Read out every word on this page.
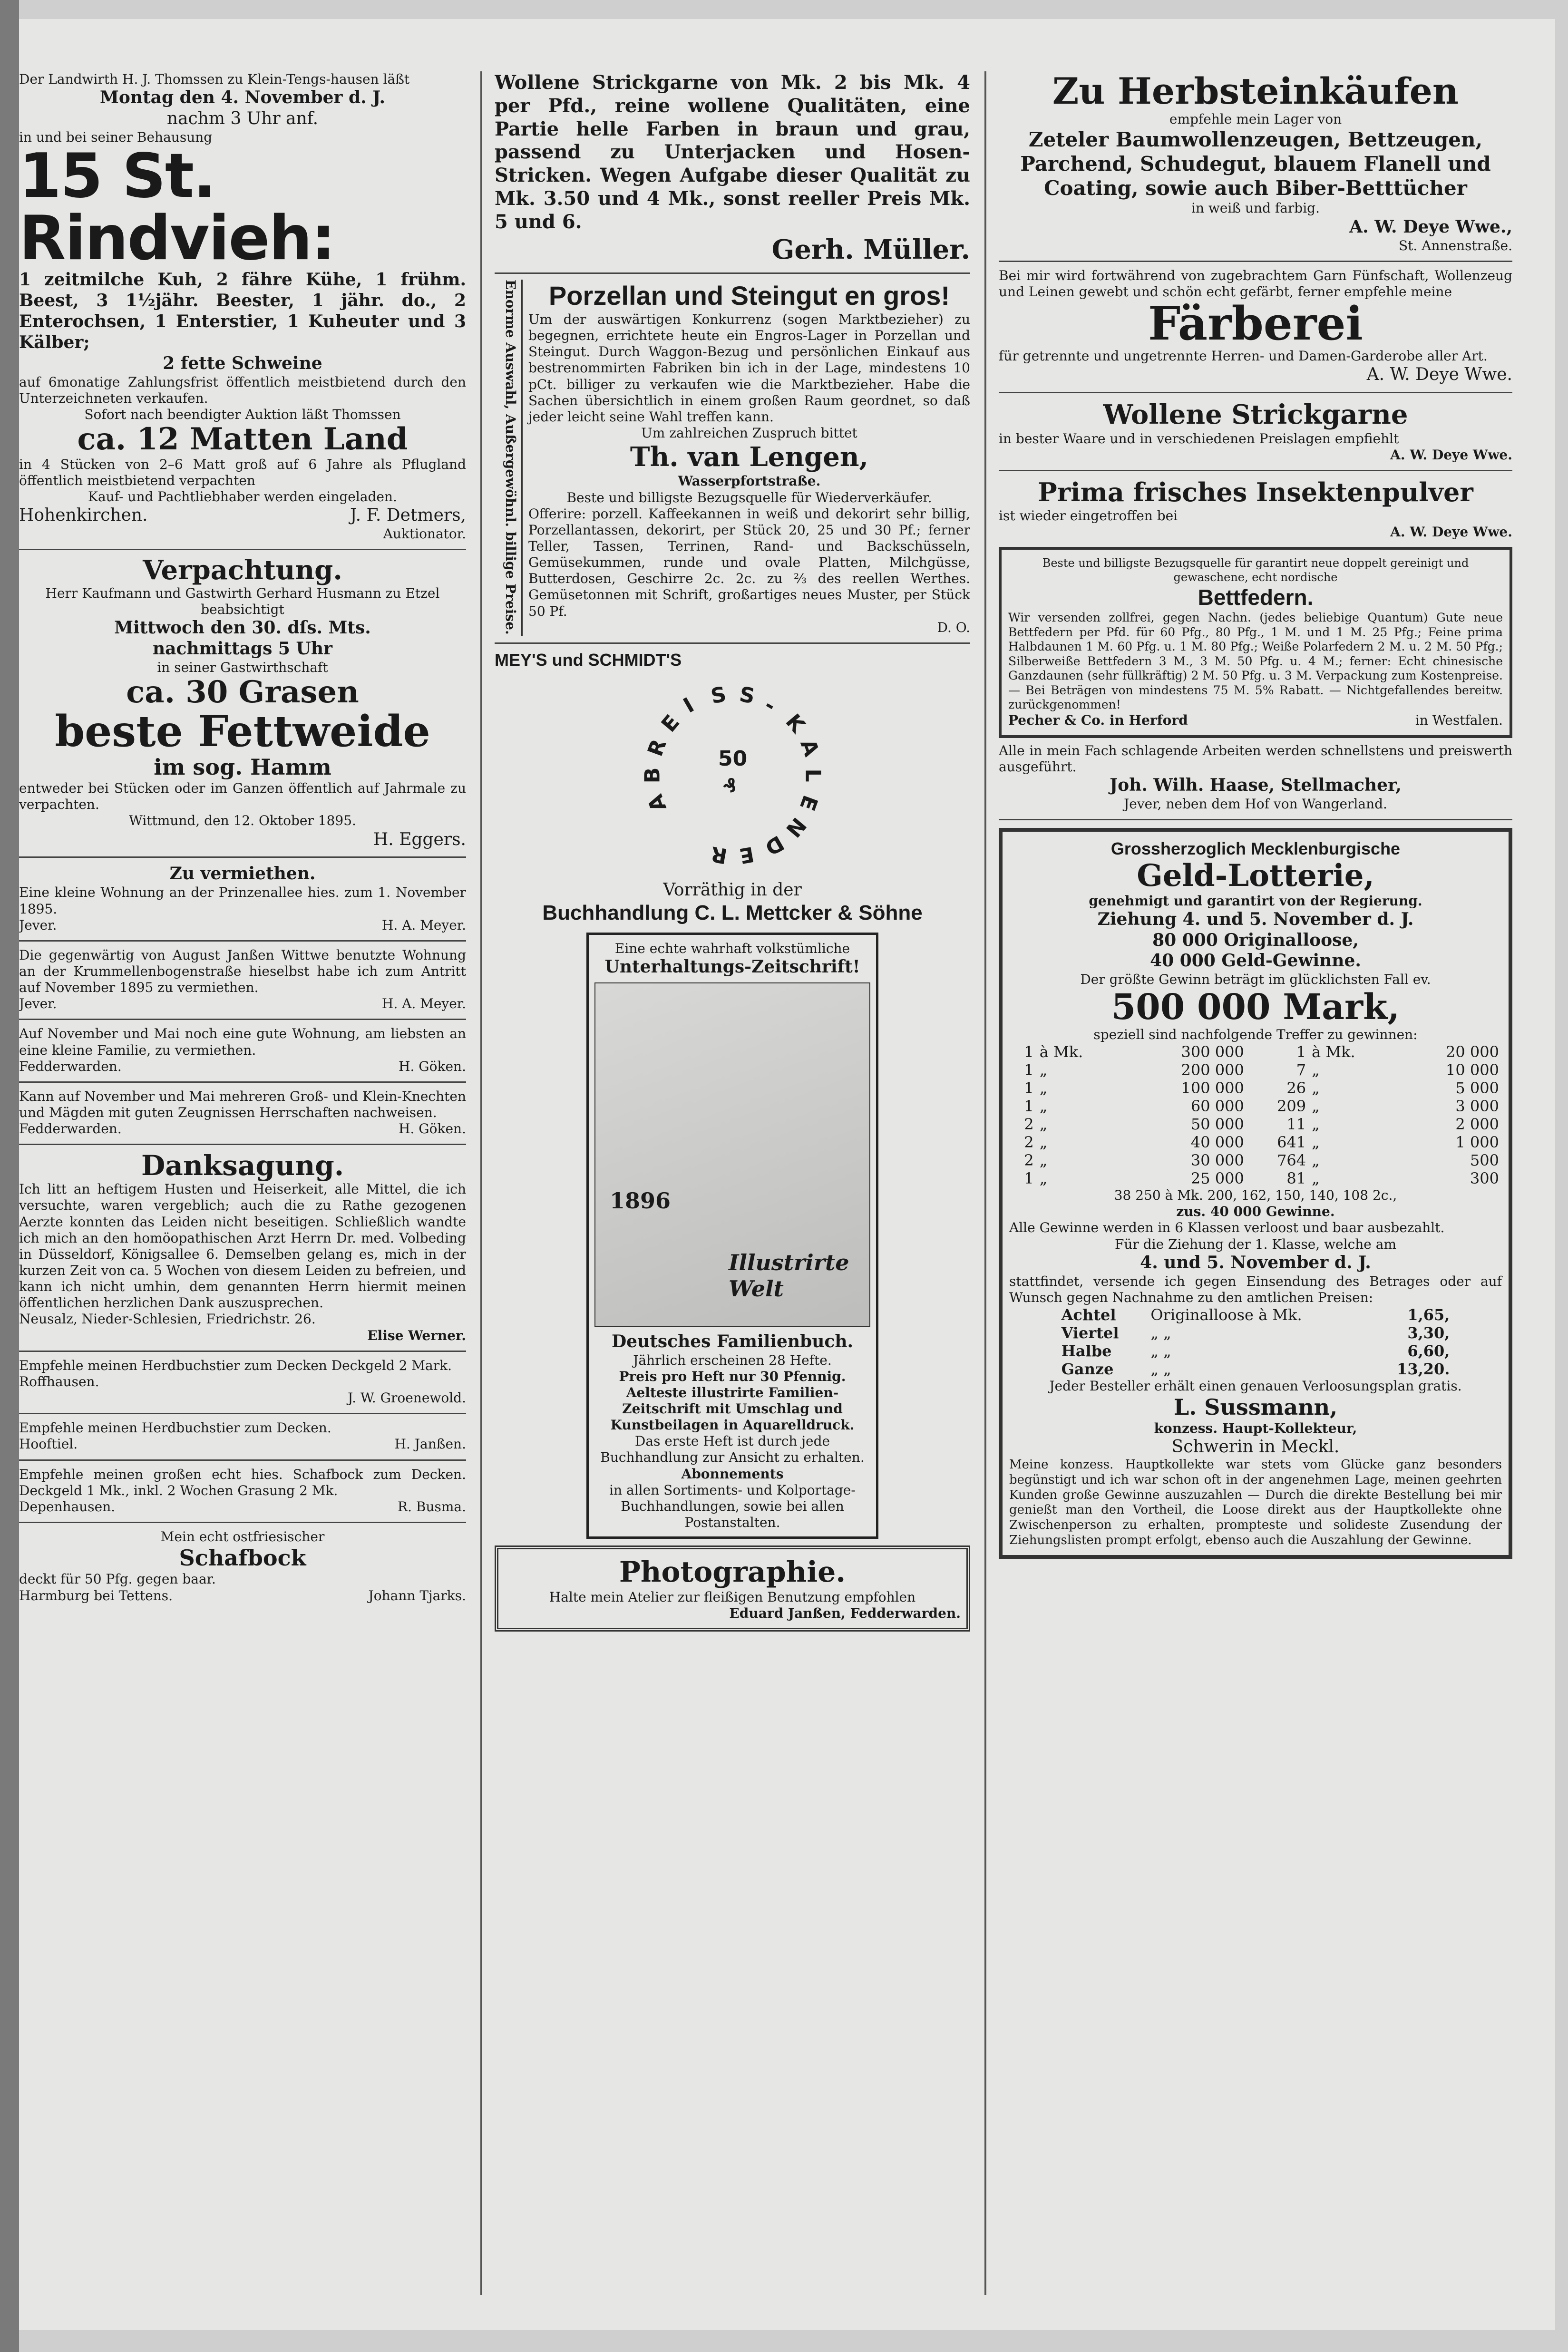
Der Landwirth H. J. Thomssen zu Klein-Tengs-hausen läßt
Montag den 4. November d. J.
nachm 3 Uhr anf.
in und bei seiner Behausung
15 St. Rindvieh:
1 zeitmilche Kuh, 2 fähre Kühe, 1 frühm. Beest, 3 1½jähr. Beester, 1 jähr. do., 2 Enterochsen, 1 Enterstier, 1 Kuheuter und 3 Kälber;
2 fette Schweine
auf 6monatige Zahlungsfrist öffentlich meistbietend durch den Unterzeichneten verkaufen.
Sofort nach beendigter Auktion läßt Thomssen
ca. 12 Matten Land
in 4 Stücken von 2–6 Matt groß auf 6 Jahre als Pflugland öffentlich meistbietend verpachten
Kauf- und Pachtliebhaber werden eingeladen.
Hohenkirchen.	J. F. Detmers,
Auktionator.
Verpachtung.
Herr Kaufmann und Gastwirth Gerhard Husmann zu Etzel beabsichtigt
Mittwoch den 30. dſs. Mts.
nachmittags 5 Uhr
in seiner Gastwirthschaft
ca. 30 Grasen
beste Fettweide
im sog. Hamm
entweder bei Stücken oder im Ganzen öffentlich auf Jahrmale zu verpachten.
Wittmund, den 12. Oktober 1895.
H. Eggers.
Zu vermiethen.
Eine kleine Wohnung an der Prinzenallee hies. zum 1. November 1895.
Jever.	H. A. Meyer.
Die gegenwärtig von August Janßen Wittwe benutzte Wohnung an der Krummellenbogenstraße hieselbst habe ich zum Antritt auf November 1895 zu vermiethen.
Jever.	H. A. Meyer.
Auf November und Mai noch eine gute Wohnung, am liebsten an eine kleine Familie, zu vermiethen.
Fedderwarden.	H. Göken.
Kann auf November und Mai mehreren Groß- und Klein-Knechten und Mägden mit guten Zeugnissen Herrschaften nachweisen.
Fedderwarden.	H. Göken.
Danksagung.
Ich litt an heftigem Husten und Heiserkeit, alle Mittel, die ich versuchte, waren vergeblich; auch die zu Rathe gezogenen Aerzte konnten das Leiden nicht beseitigen. Schließlich wandte ich mich an den homöopathischen Arzt Herrn Dr. med. Volbeding in Düsseldorf, Königsallee 6. Demselben gelang es, mich in der kurzen Zeit von ca. 5 Wochen von diesem Leiden zu befreien, und kann ich nicht umhin, dem genannten Herrn hiermit meinen öffentlichen herzlichen Dank auszusprechen.
Neusalz, Nieder-Schlesien, Friedrichstr. 26.
Elise Werner.
Empfehle meinen Herdbuchstier zum Decken Deckgeld 2 Mark.
Roffhausen.
J. W. Groenewold.
Empfehle meinen Herdbuchstier zum Decken.
Hooftiel.	H. Janßen.
Empfehle meinen großen echt hies. Schafbock zum Decken. Deckgeld 1 Mk., inkl. 2 Wochen Grasung 2 Mk.
Depenhausen.	R. Busma.
Mein echt ostfriesischer
Schafbock
deckt für 50 Pfg. gegen baar.
Harmburg bei Tettens.	Johann Tjarks.
Wollene Strickgarne von Mk. 2 bis Mk. 4 per Pfd., reine wollene Qualitäten, eine Partie helle Farben in braun und grau, passend zu Unterjacken und Hosen-Stricken. Wegen Aufgabe dieser Qualität zu Mk. 3.50 und 4 Mk., sonst reeller Preis Mk. 5 und 6.
Gerh. Müller.
Enorme Auswahl, Außergewöhnl. billige Preise.	Porzellan und Steingut en gros!
Um der auswärtigen Konkurrenz (sogen Marktbezieher) zu begegnen, errichtete heute ein Engros-Lager in Porzellan und Steingut. Durch Waggon-Bezug und persönlichen Einkauf aus bestrenommirten Fabriken bin ich in der Lage, mindestens 10 pCt. billiger zu verkaufen wie die Marktbezieher. Habe die Sachen übersichtlich in einem großen Raum geordnet, so daß jeder leicht seine Wahl treffen kann.
Um zahlreichen Zuspruch bittet
Th. van Lengen,
Wasserpfortstraße.
Beste und billigste Bezugsquelle für Wiederverkäufer.
Offerire: porzell. Kaffeekannen in weiß und dekorirt sehr billig, Porzellantassen, dekorirt, per Stück 20, 25 und 30 Pf.; ferner Teller, Tassen, Terrinen, Rand- und Backschüsseln, Gemüsekummen, runde und ovale Platten, Milchgüsse, Butterdosen, Geschirre 2c. 2c. zu ⅔ des reellen Werthes. Gemüsetonnen mit Schrift, großartiges neues Muster, per Stück 50 Pf.
D. O.
MEY'S und SCHMIDT'S
50
₰
A
B
R
E
I S S -
K
A
L
E
N
D
E
R
Vorräthig in der
Buchhandlung C. L. Mettcker & Söhne
Eine echte wahrhaft volkstümliche
Unterhaltungs-Zeitschrift!
1896
Illustrirte Welt
Deutsches Familienbuch.
Jährlich erscheinen 28 Hefte.
Preis pro Heft nur 30 Pfennig.
Aelteste illustrirte Familien-Zeitschrift mit Umschlag und Kunstbeilagen in Aquarelldruck.
Das erste Heft ist durch jede Buchhandlung zur Ansicht zu erhalten.
Abonnements
in allen Sortiments- und Kolportage-Buchhandlungen, sowie bei allen Postanstalten.
Photographie.
Halte mein Atelier zur fleißigen Benutzung empfohlen
Eduard Janßen, Fedderwarden.
Zu Herbsteinkäufen
empfehle mein Lager von
Zeteler Baumwollenzeugen, Bettzeugen, Parchend, Schudegut, blauem Flanell und Coating, sowie auch Biber-Betttücher
in weiß und farbig.
A. W. Deye Wwe.,
St. Annenstraße.
Bei mir wird fortwährend von zugebrachtem Garn Fünfschaft, Wollenzeug und Leinen gewebt und schön echt gefärbt, ferner empfehle meine
Färberei
für getrennte und ungetrennte Herren- und Damen-Garderobe aller Art.
A. W. Deye Wwe.
Wollene Strickgarne
in bester Waare und in verschiedenen Preislagen empfiehlt
A. W. Deye Wwe.
Prima frisches Insektenpulver
ist wieder eingetroffen bei
A. W. Deye Wwe.
Beste und billigste Bezugsquelle für garantirt neue doppelt gereinigt und gewaschene, echt nordische
Bettfedern.
Wir versenden zollfrei, gegen Nachn. (jedes beliebige Quantum) Gute neue Bettfedern per Pfd. für 60 Pfg., 80 Pfg., 1 M. und 1 M. 25 Pfg.; Feine prima Halbdaunen 1 M. 60 Pfg. u. 1 M. 80 Pfg.; Weiße Polarfedern 2 M. u. 2 M. 50 Pfg.; Silberweiße Bettfedern 3 M., 3 M. 50 Pfg. u. 4 M.; ferner: Echt chinesische Ganzdaunen (sehr füllkräftig) 2 M. 50 Pfg. u. 3 M. Verpackung zum Kostenpreise. — Bei Beträgen von mindestens 75 M. 5% Rabatt. — Nichtgefallendes bereitw. zurückgenommen!
Pecher & Co. in Herford	in Westfalen.
Alle in mein Fach schlagende Arbeiten werden schnellstens und preiswerth ausgeführt.
Joh. Wilh. Haase, Stellmacher,
Jever, neben dem Hof von Wangerland.
Grossherzoglich Mecklenburgische
Geld-Lotterie,
genehmigt und garantirt von der Regierung.
Ziehung 4. und 5. November d. J.
80 000 Originalloose,
40 000 Geld-Gewinne.
Der größte Gewinn beträgt im glücklichsten Fall ev.
500 000 Mark,
speziell sind nachfolgende Treffer zu gewinnen:
1	à Mk.	300 000	1	à Mk.	20 000
1	„	200 000	7	„	10 000
1	„	100 000	26	„	5 000
1	„	60 000	209	„	3 000
2	„	50 000	11	„	2 000
2	„	40 000	641	„	1 000
2	„	30 000	764	„	500
1	„	25 000	81	„	300
38 250 à Mk. 200, 162, 150, 140, 108 2c.,
zus. 40 000 Gewinne.
Alle Gewinne werden in 6 Klassen verloost und baar ausbezahlt.
Für die Ziehung der 1. Klasse, welche am
4. und 5. November d. J.
stattfindet, versende ich gegen Einsendung des Betrages oder auf Wunsch gegen Nachnahme zu den amtlichen Preisen:
Achtel	Originalloose à Mk.	1,65,
Viertel	„ „	3,30,
Halbe	„ „	6,60,
Ganze	„ „	13,20.
Jeder Besteller erhält einen genauen Verloosungsplan gratis.
L. Sussmann,
konzess. Haupt-Kollekteur,
Schwerin in Meckl.
Meine konzess. Hauptkollekte war stets vom Glücke ganz besonders begünstigt und ich war schon oft in der angenehmen Lage, meinen geehrten Kunden große Gewinne auszuzahlen — Durch die direkte Bestellung bei mir genießt man den Vortheil, die Loose direkt aus der Hauptkollekte ohne Zwischenperson zu erhalten, prompteste und solideste Zusendung der Ziehungslisten prompt erfolgt, ebenso auch die Auszahlung der Gewinne.
